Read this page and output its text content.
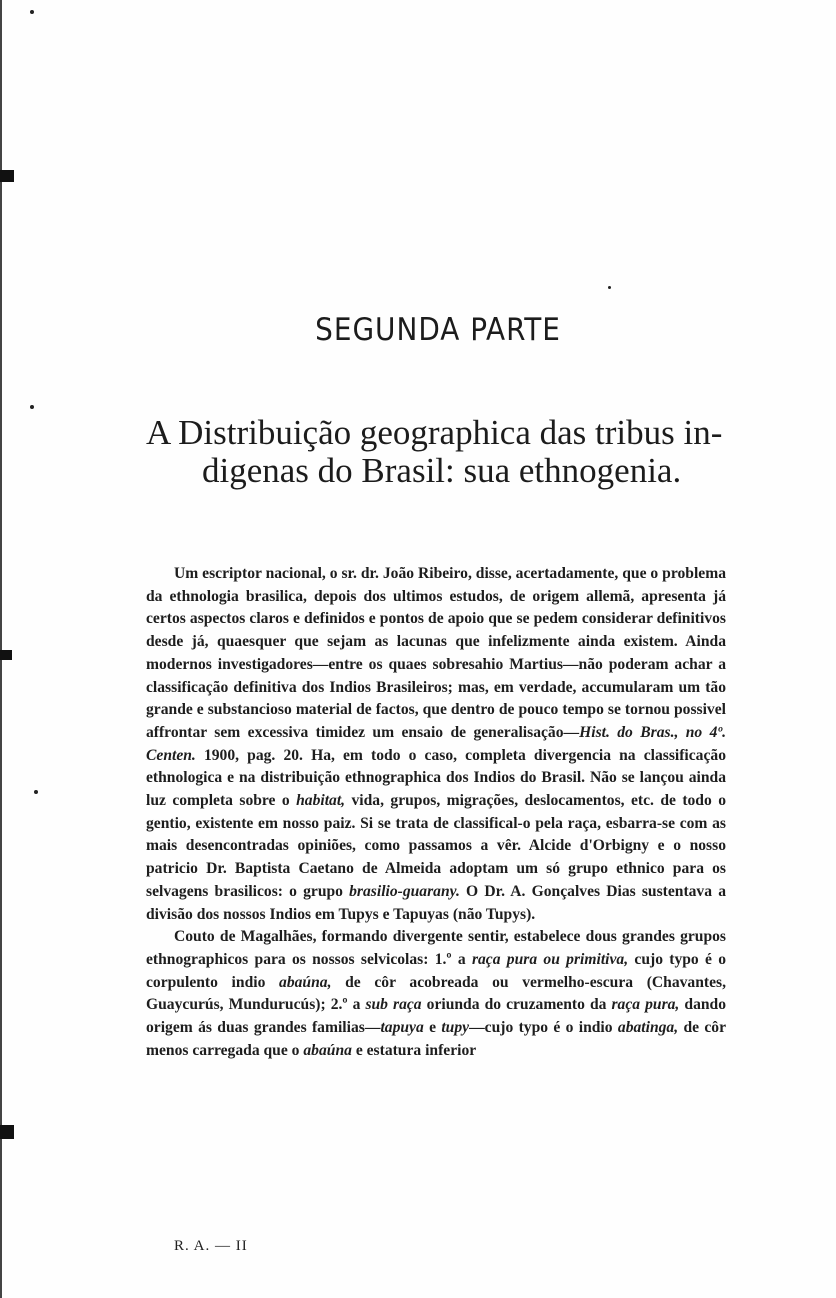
SEGUNDA PARTE
A Distribuição geographica das tribus in-
digenas do Brasil: sua ethnogenia.

Um escriptor nacional, o sr. dr. João Ribeiro, disse, acertadamente, que o problema da ethnologia brasilica, depois dos ultimos estudos, de origem allemã, apresenta já certos aspectos claros e definidos e pontos de apoio que se pedem considerar definitivos desde já, quaesquer que sejam as lacunas que infelizmente ainda existem. Ainda modernos investigadores—entre os quaes sobresahio Martius—não poderam achar a classificação definitiva dos Indios Brasileiros; mas, em verdade, accumularam um tão grande e substancioso material de factos, que dentro de pouco tempo se tornou possivel affrontar sem excessiva timidez um ensaio de generalisação—Hist. do Bras., no 4º. Centen. 1900, pag. 20. Ha, em todo o caso, completa divergencia na classificação ethnologica e na distribuição ethnographica dos Indios do Brasil. Não se lançou ainda luz completa sobre o habitat, vida, grupos, migrações, deslocamentos, etc. de todo o gentio, existente em nosso paiz. Si se trata de classifical-o pela raça, esbarra-se com as mais desencontradas opiniões, como passamos a vêr. Alcide d'Orbigny e o nosso patricio Dr. Baptista Caetano de Almeida adoptam um só grupo ethnico para os selvagens brasilicos: o grupo brasilio-guarany. O Dr. A. Gonçalves Dias sustentava a divisão dos nossos Indios em Tupys e Tapuyas (não Tupys).

Couto de Magalhães, formando divergente sentir, estabelece dous grandes grupos ethnographicos para os nossos selvicolas: 1.º a raça pura ou primitiva, cujo typo é o corpulento indio abaúna, de côr acobreada ou vermelho-escura (Chavantes, Guaycurús, Mundurucús); 2.º a sub raça oriunda do cruzamento da raça pura, dando origem ás duas grandes familias—tapuya e tupy—cujo typo é o indio abatinga, de côr menos carregada que o abaúna e estatura inferior

R. A. — II
